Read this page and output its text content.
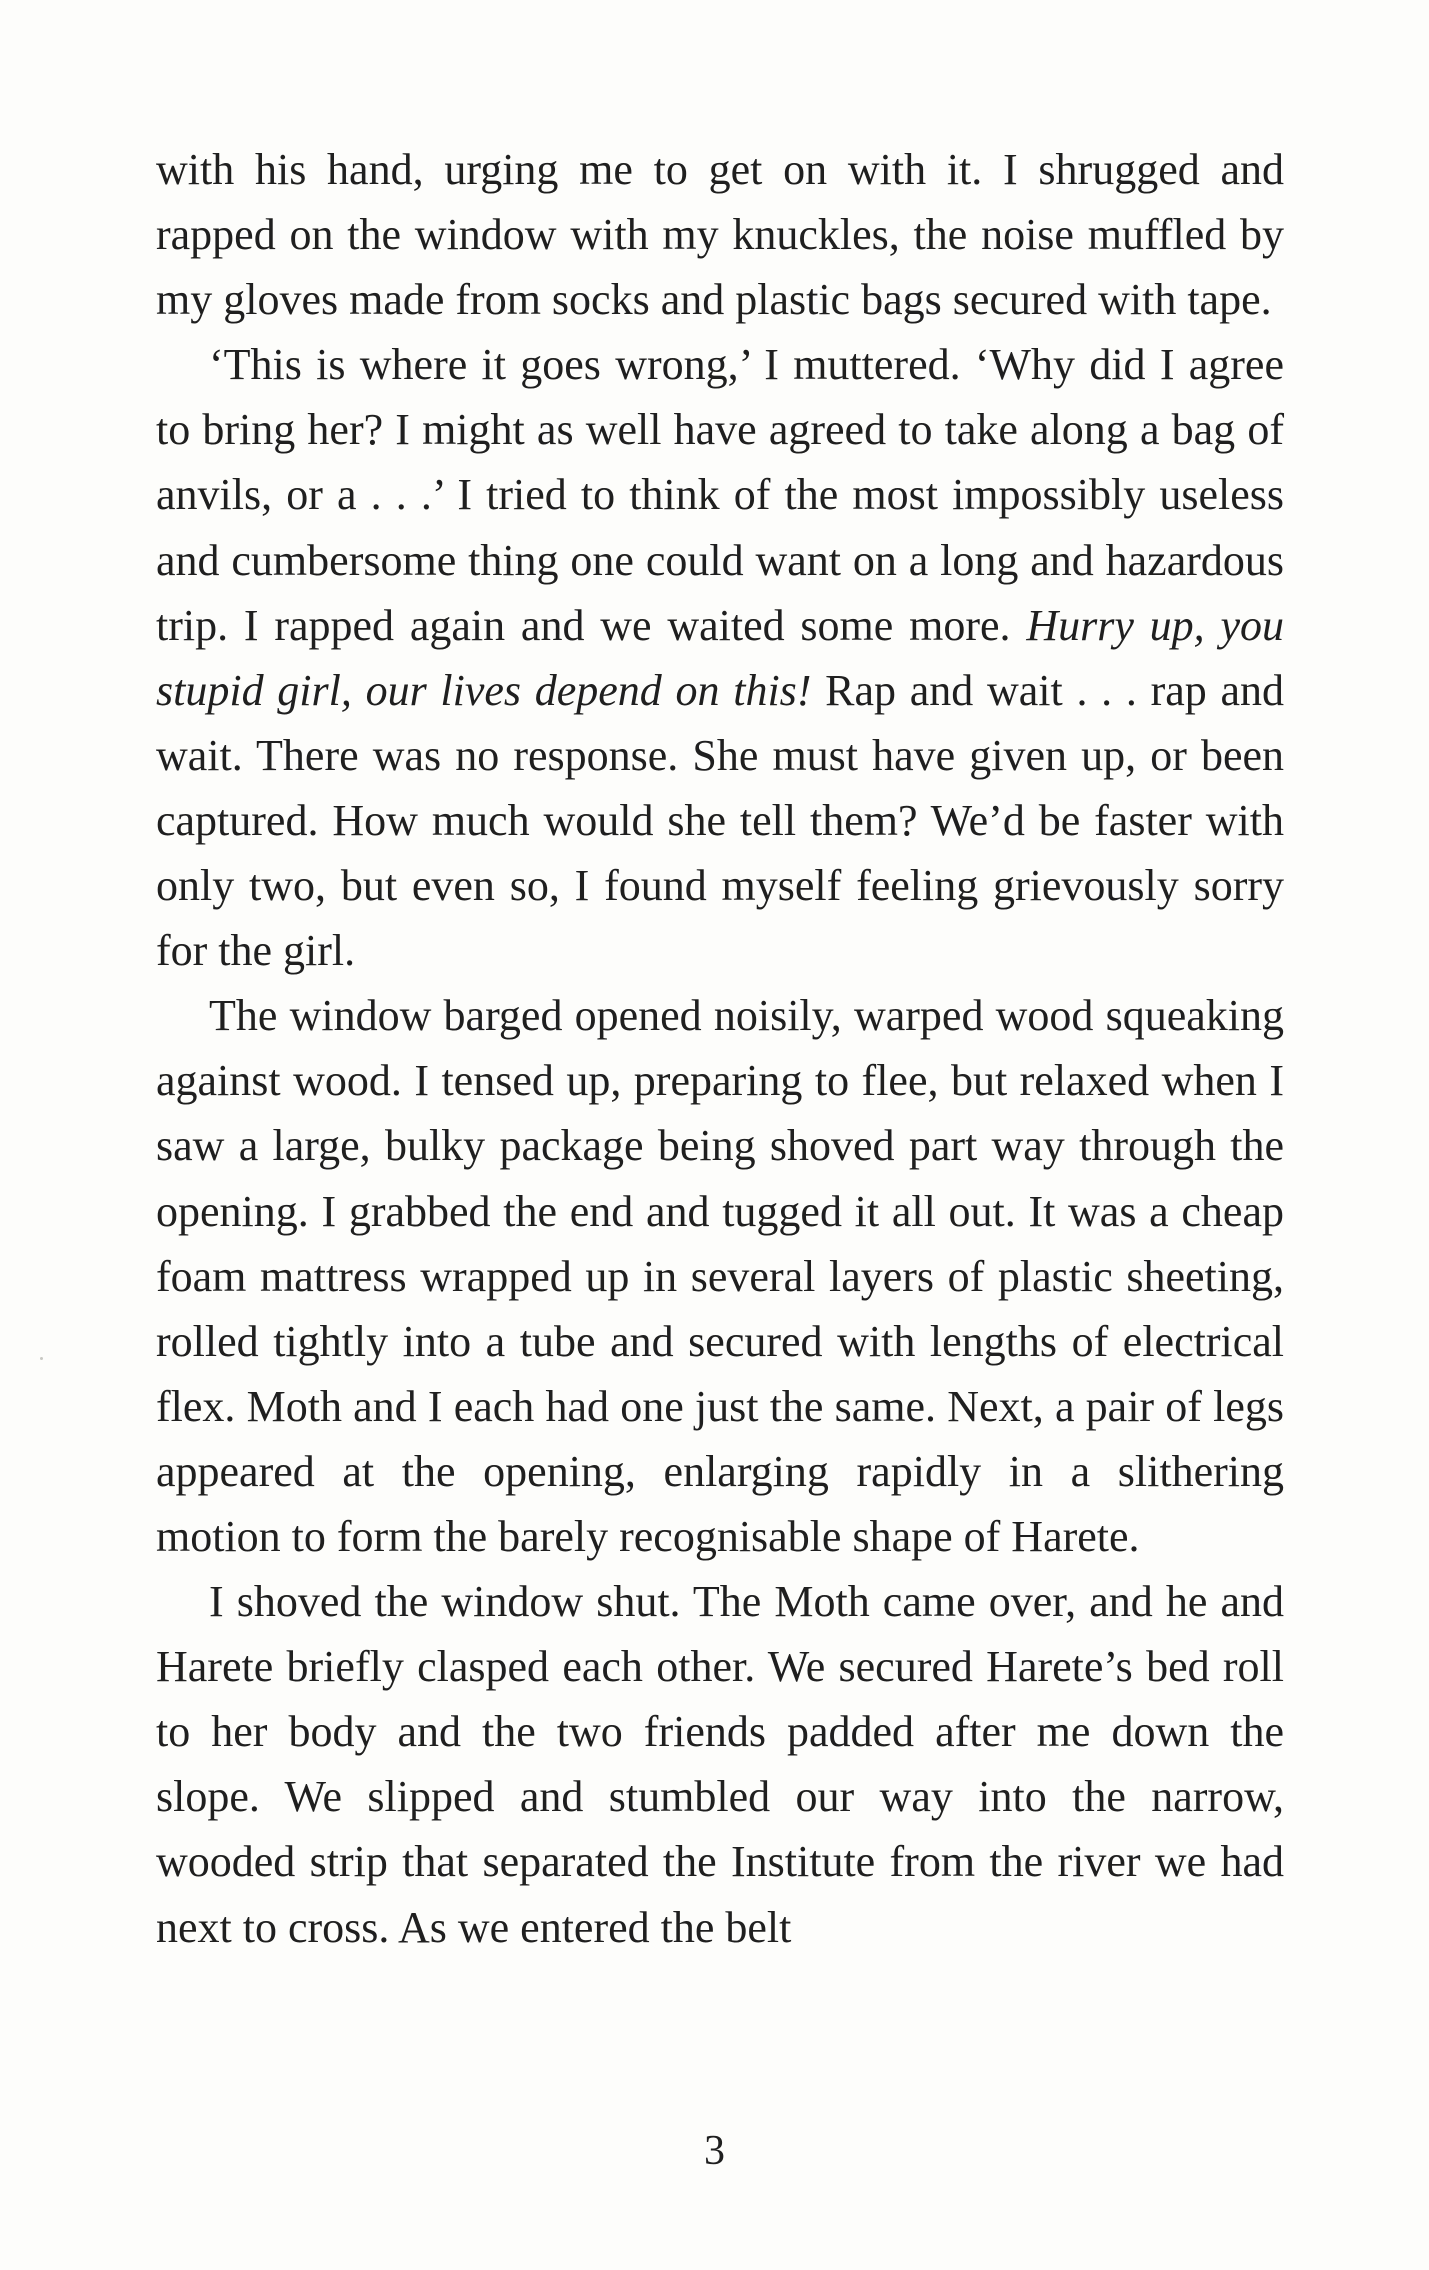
with his hand, urging me to get on with it. I shrugged and rapped on the window with my knuckles, the noise muffled by my gloves made from socks and plastic bags secured with tape.

‘This is where it goes wrong,’ I muttered. ‘Why did I agree to bring her? I might as well have agreed to take along a bag of anvils, or a . . .’ I tried to think of the most impossibly useless and cumbersome thing one could want on a long and hazardous trip. I rapped again and we waited some more. Hurry up, you stupid girl, our lives depend on this! Rap and wait . . . rap and wait. There was no response. She must have given up, or been captured. How much would she tell them? We’d be faster with only two, but even so, I found myself feeling grievously sorry for the girl.

The window barged opened noisily, warped wood squeaking against wood. I tensed up, preparing to flee, but relaxed when I saw a large, bulky package being shoved part way through the opening. I grabbed the end and tugged it all out. It was a cheap foam mattress wrapped up in several layers of plastic sheeting, rolled tightly into a tube and secured with lengths of electrical flex. Moth and I each had one just the same. Next, a pair of legs appeared at the opening, enlarging rapidly in a slithering motion to form the barely recognisable shape of Harete.

I shoved the window shut. The Moth came over, and he and Harete briefly clasped each other. We secured Harete’s bed roll to her body and the two friends padded after me down the slope. We slipped and stumbled our way into the narrow, wooded strip that separated the Institute from the river we had next to cross. As we entered the belt

3
